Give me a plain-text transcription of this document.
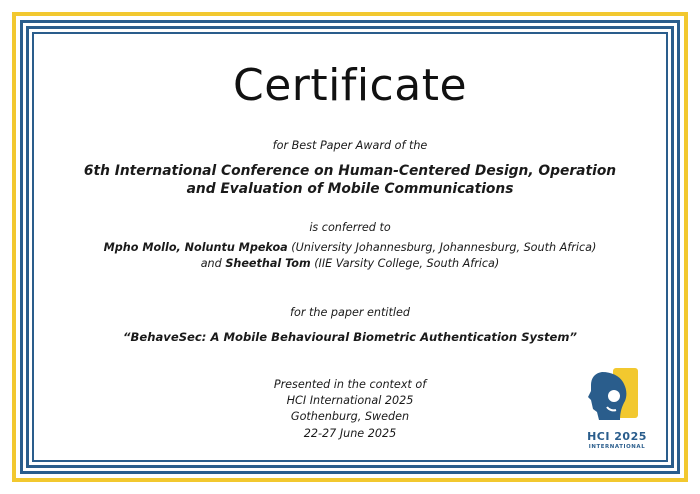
Certificate
for Best Paper Award of the
6th International Conference on Human-Centered Design, Operation
and Evaluation of Mobile Communications
is conferred to
Mpho Mollo, Noluntu Mpekoa (University Johannesburg, Johannesburg, South Africa)
and Sheethal Tom (IIE Varsity College, South Africa)
for the paper entitled
“BehaveSec: A Mobile Behavioural Biometric Authentication System”
Presented in the context of
HCI International 2025
Gothenburg, Sweden
22-27 June 2025	HCI 2025
INTERNATIONAL
